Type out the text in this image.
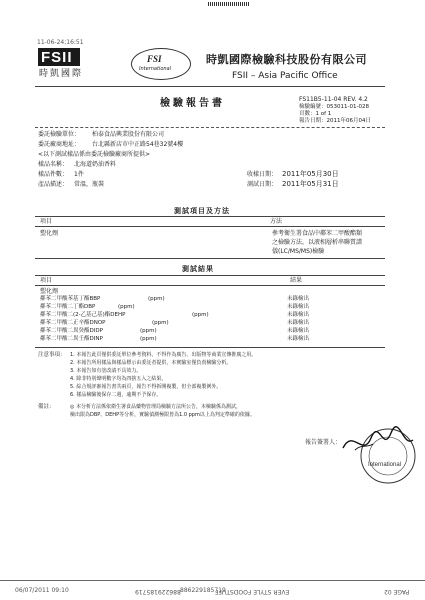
11-06-24;16:51
FSII
時凱國際
FSI
International
時凱國際檢驗科技股份有限公司
FSII – Asia Pacific Office
檢驗報告書	FS11B5-11-04 REV. 4.2
檢驗編號：053011-01-028
頁數：1 of 1
報告日期：2011年06月04日
委託檢驗單位： 柏泰食品興業股份有限公司
委託廠商地址： 台北縣新店市中正路54巷32號4樓
<以下測試樣品係由委託檢驗廠商所提供>
樣品名稱： 北海道奶油香料
樣品件數： 1件
產品描述： 常溫，瓶裝
收樣日期： 2011年05月30日
測試日期： 2011年05月31日
測試項目及方法
項目	方法
塑化劑	參考衛生署食品中鄰苯二甲酸酯類
之檢驗方法，以液相層析串聯質譜
儀(LC/MS/MS)檢驗
測試結果
項目	結果
塑化劑
鄰苯二甲酸苯基丁酯BBP	(ppm)	未錄檢出
鄰苯二甲酸二丁酯DBP	(ppm)	未錄檢出
鄰苯二甲酸二(2-乙基己基)酯DEHP	(ppm)	未錄檢出
鄰苯二甲酸二正辛酯DNOP	(ppm)	未錄檢出
鄰苯二甲酸二異癸酯DIDP	(ppm)	未錄檢出
鄰苯二甲酸二異壬酯DINP	(ppm)	未錄檢出
注意事項： 1. 本報告此頁僅供委託單位參考資料，不得作為廣告、出版物等商業宣傳推廣之用。
2. 本報告所用樣品與樣品標示由委託者提供，本實驗室僅負責檢驗分析。
3. 本報告如有塗改請不具效力。
4. 除非特別聲明數字均為四捨五入之結果。
5. 綜合規評審報告書共兩頁，報告不得拆開複製，但全部複製例外。
6. 樣品檢驗後保存二週，逾期不予保存。
備註：	◎ 本分析方法係依衛生署食品藥物管理局檢驗方法所公告，本檢驗係為測試，
檢出限為DBP、DEHP等分析，實驗偵測極限皆為1.0 ppm以上為判定準確的依據。
報告簽署人：
International
PAGE 02
EVER STYLE FOODSTUFF
886229185719 886229185719
06/07/2011 09:10
